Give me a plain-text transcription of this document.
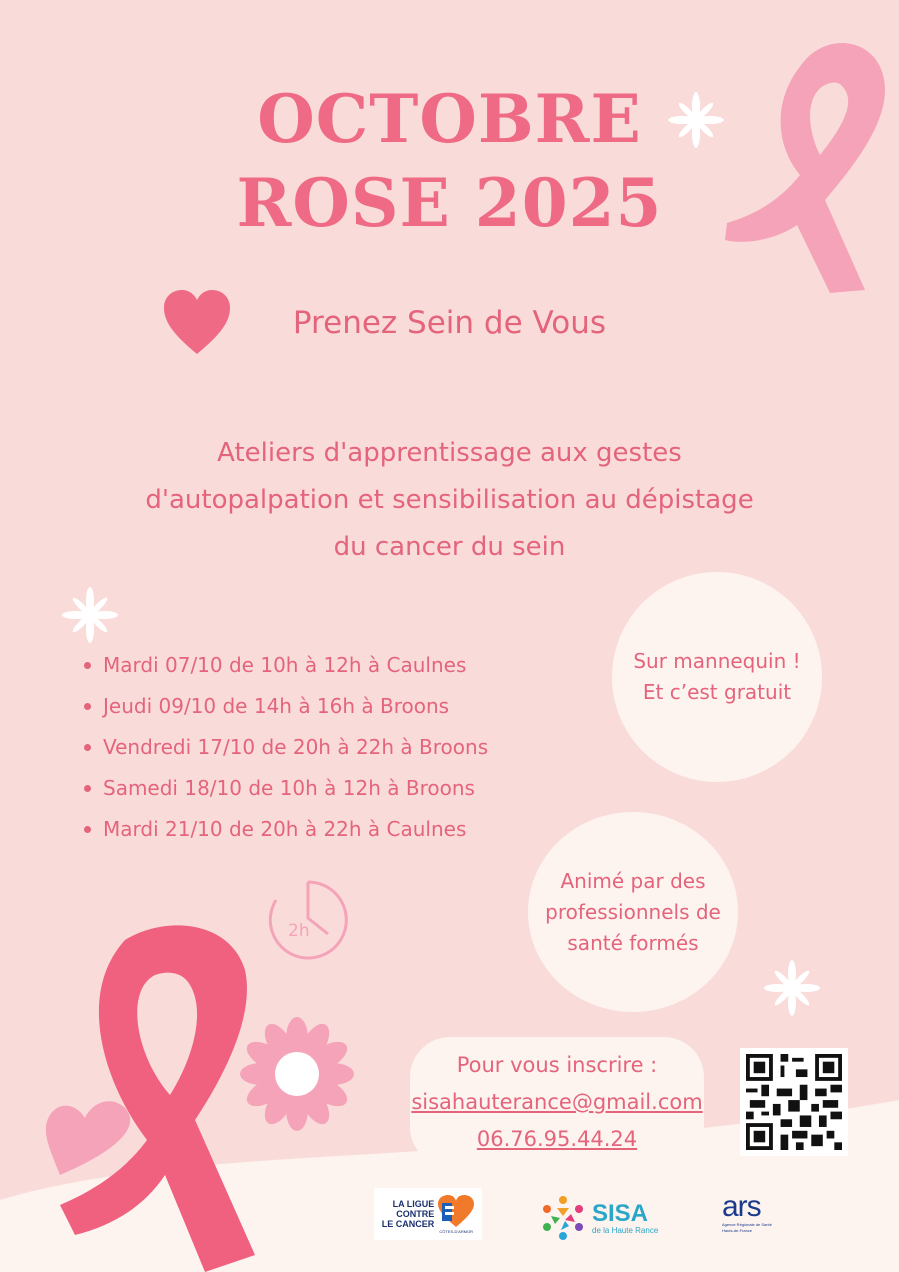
OCTOBRE
ROSE 2025
Prenez Sein de Vous
Ateliers d'apprentissage aux gestes
d'autopalpation et sensibilisation au dépistage
du cancer du sein
Mardi 07/10 de 10h à 12h à Caulnes
Jeudi 09/10 de 14h à 16h à Broons
Vendredi 17/10 de 20h à 22h à Broons
Samedi 18/10 de 10h à 12h à Broons
Mardi 21/10 de 20h à 22h à Caulnes
Sur mannequin !
Et c’est gratuit
Animé par des
professionnels de
santé formés
2h
Pour vous inscrire :
sisahauterance@gmail.com
06.76.95.44.24
LA LIGUE
CONTRE
LE CANCER
CÔTES-D'ARMOR
SISA
de la Haute Rance
ars
Agence Régionale de Santé
Hauts-de-France
